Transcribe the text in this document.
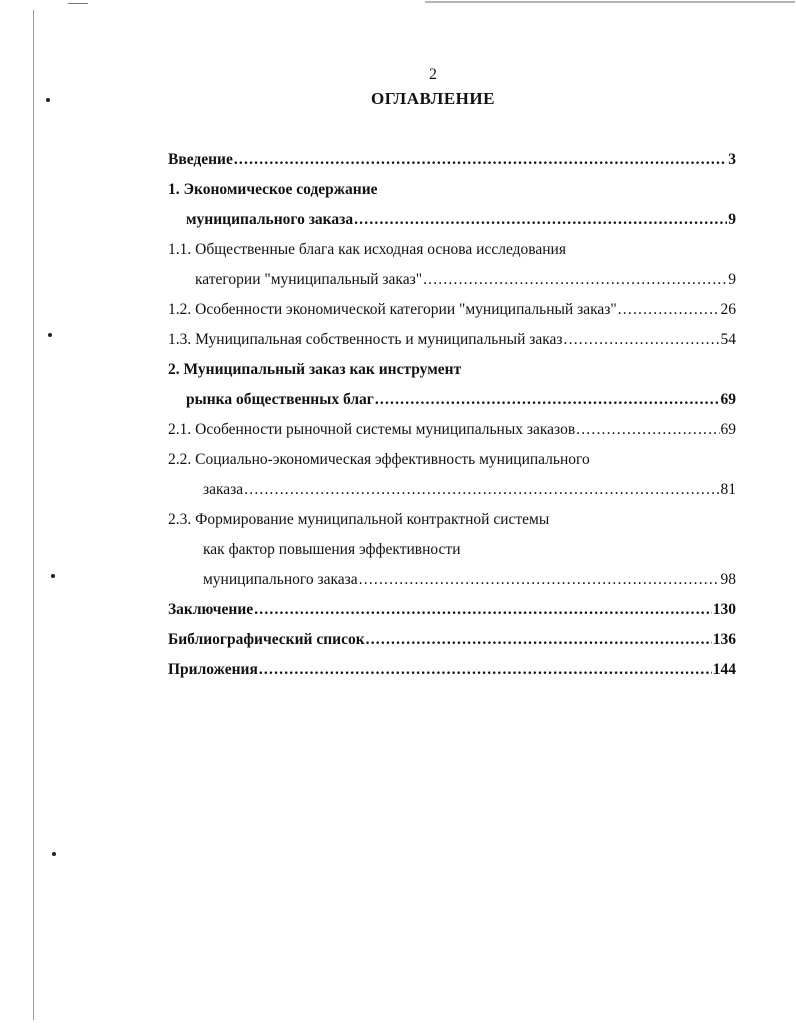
2
ОГЛАВЛЕНИЕ
Введение .....	3
1. Экономическое содержание
муниципального заказа .....	9
1.1. Общественные блага как исходная основа исследования
категории "муниципальный заказ" .....	9
1.2. Особенности экономической категории "муниципальный заказ" .....	26
1.3. Муниципальная собственность и муниципальный заказ .....	54
2. Муниципальный заказ как инструмент
рынка общественных благ .....	69
2.1. Особенности рыночной системы муниципальных заказов .....	69
2.2. Социально-экономическая эффективность муниципального
заказа .....	81
2.3. Формирование муниципальной контрактной системы
как фактор повышения эффективности
муниципального заказа .....	98
Заключение .....	130
Библиографический список .....	136
Приложения .....	144
